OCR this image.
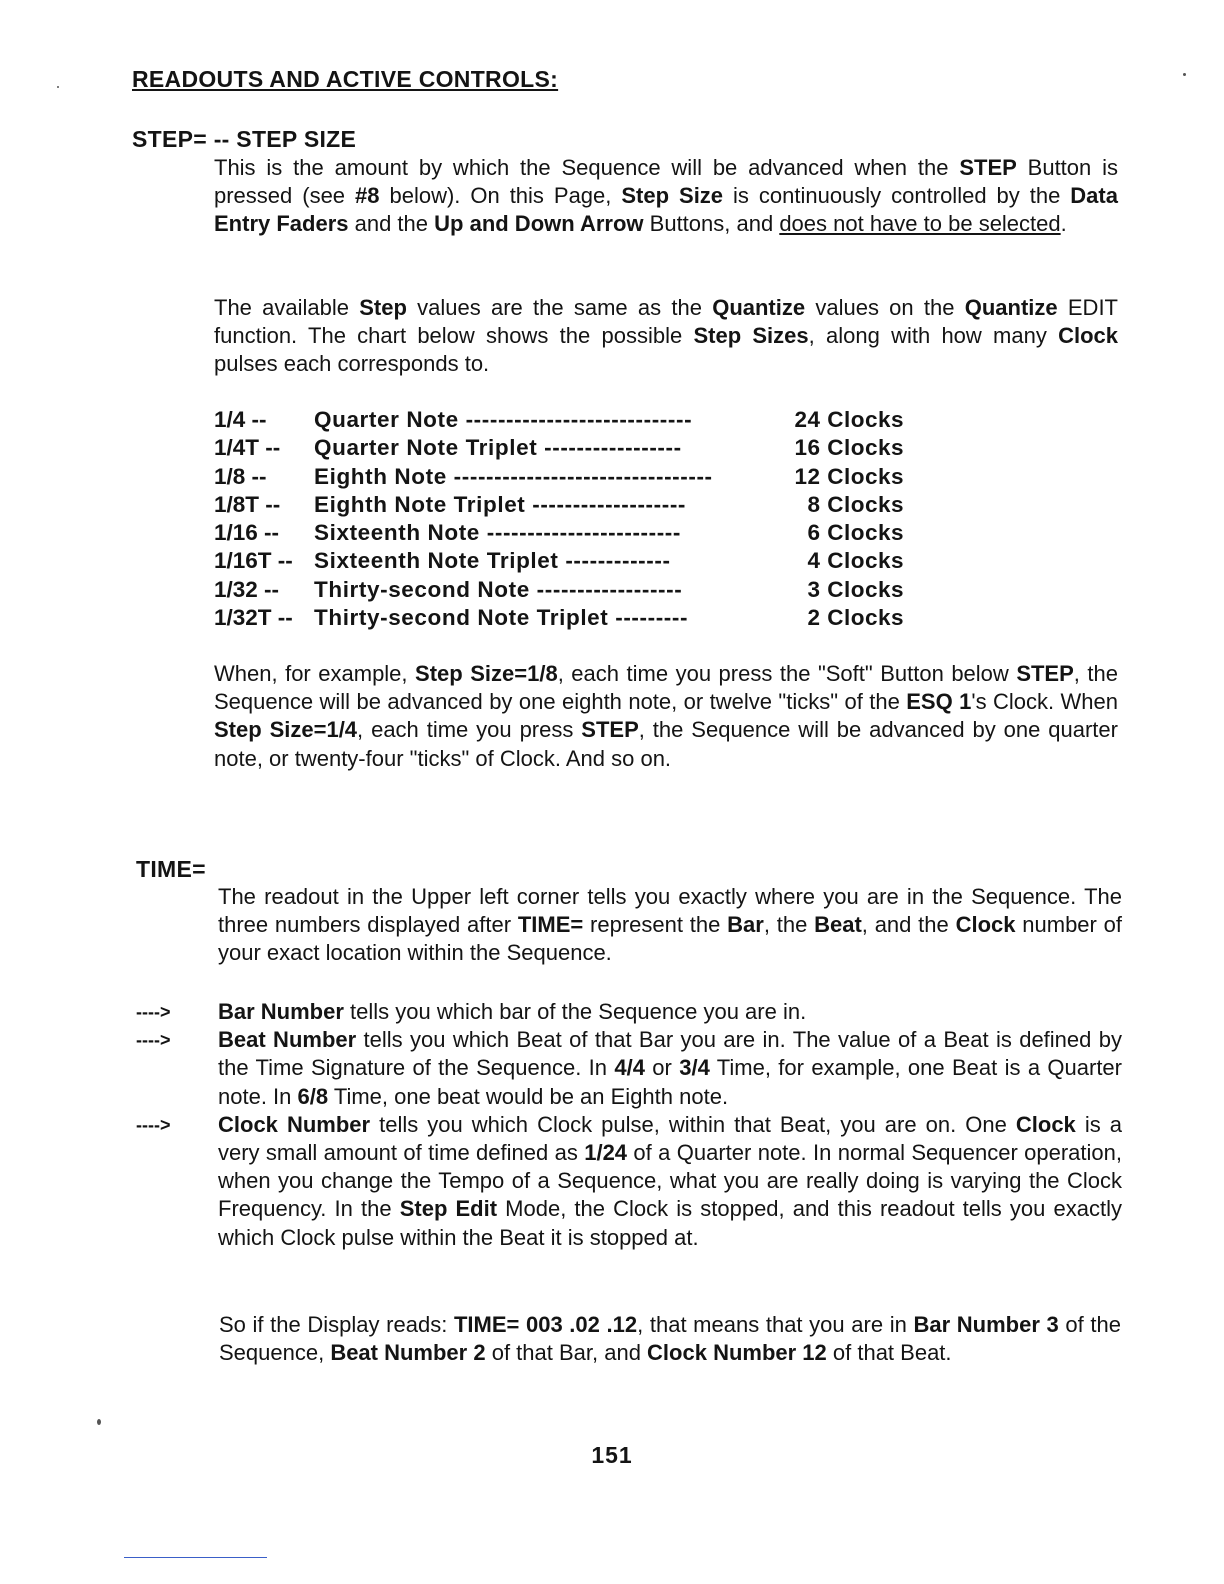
READOUTS AND ACTIVE CONTROLS:
STEP= -- STEP SIZE

This is the amount by which the Sequence will be advanced when the STEP Button is pressed (see #8 below). On this Page, Step Size is continuously controlled by the Data Entry Faders and the Up and Down Arrow Buttons, and does not have to be selected.

The available Step values are the same as the Quantize values on the Quantize EDIT function. The chart below shows the possible Step Sizes, along with how many Clock pulses each corresponds to.

1/4 -- Quarter Note ----------------------------	24 Clocks
1/4T -- Quarter Note Triplet -----------------	16 Clocks
1/8 -- Eighth Note --------------------------------	12 Clocks
1/8T -- Eighth Note Triplet -------------------	8 Clocks
1/16 -- Sixteenth Note ------------------------	6 Clocks
1/16T -- Sixteenth Note Triplet -------------	4 Clocks
1/32 -- Thirty-second Note ------------------	3 Clocks
1/32T -- Thirty-second Note Triplet ---------	2 Clocks

When, for example, Step Size=1/8, each time you press the "Soft" Button below STEP, the Sequence will be advanced by one eighth note, or twelve "ticks" of the ESQ 1's Clock. When Step Size=1/4, each time you press STEP, the Sequence will be advanced by one quarter note, or twenty-four "ticks" of Clock. And so on.

TIME=

The readout in the Upper left corner tells you exactly where you are in the Sequence. The three numbers displayed after TIME= represent the Bar, the Beat, and the Clock number of your exact location within the Sequence.

----> Bar Number tells you which bar of the Sequence you are in.
----> Beat Number tells you which Beat of that Bar you are in. The value of a Beat is defined by the Time Signature of the Sequence. In 4/4 or 3/4 Time, for example, one Beat is a Quarter note. In 6/8 Time, one beat would be an Eighth note.
----> Clock Number tells you which Clock pulse, within that Beat, you are on. One Clock is a very small amount of time defined as 1/24 of a Quarter note. In normal Sequencer operation, when you change the Tempo of a Sequence, what you are really doing is varying the Clock Frequency. In the Step Edit Mode, the Clock is stopped, and this readout tells you exactly which Clock pulse within the Beat it is stopped at.

So if the Display reads: TIME= 003 .02 .12, that means that you are in Bar Number 3 of the Sequence, Beat Number 2 of that Bar, and Clock Number 12 of that Beat.

151
